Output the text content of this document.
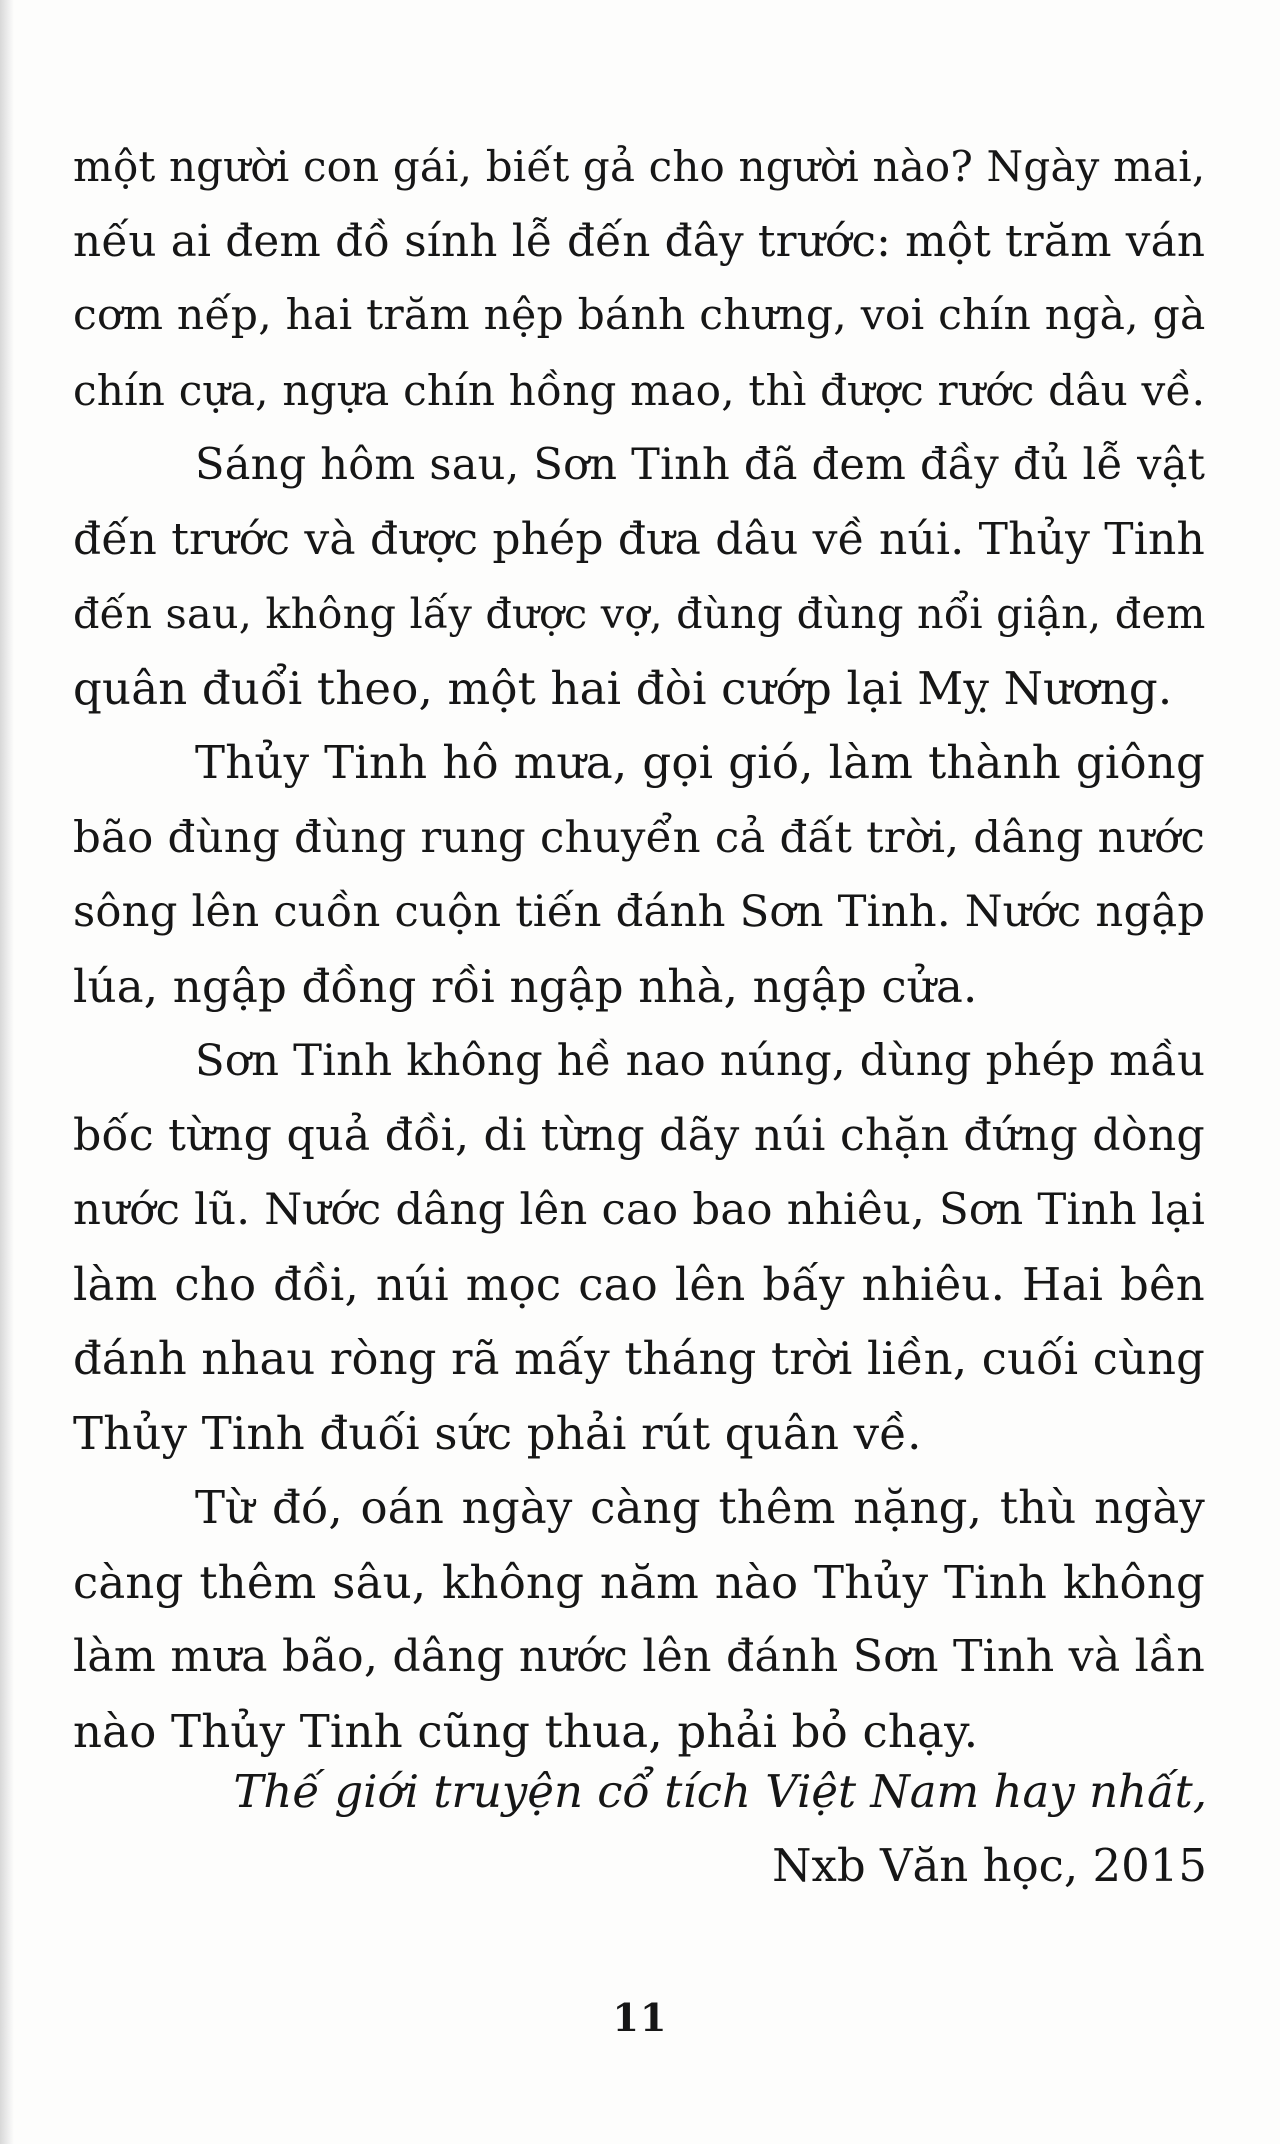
một người con gái, biết gả cho người nào? Ngày mai,
nếu ai đem đồ sính lễ đến đây trước: một trăm ván
cơm nếp, hai trăm nệp bánh chưng, voi chín ngà, gà
chín cựa, ngựa chín hồng mao, thì được rước dâu về.

Sáng hôm sau, Sơn Tinh đã đem đầy đủ lễ vật
đến trước và được phép đưa dâu về núi. Thủy Tinh
đến sau, không lấy được vợ, đùng đùng nổi giận, đem
quân đuổi theo, một hai đòi cướp lại Mỵ Nương.

Thủy Tinh hô mưa, gọi gió, làm thành giông
bão đùng đùng rung chuyển cả đất trời, dâng nước
sông lên cuồn cuộn tiến đánh Sơn Tinh. Nước ngập
lúa, ngập đồng rồi ngập nhà, ngập cửa.

Sơn Tinh không hề nao núng, dùng phép mầu
bốc từng quả đồi, di từng dãy núi chặn đứng dòng
nước lũ. Nước dâng lên cao bao nhiêu, Sơn Tinh lại
làm cho đồi, núi mọc cao lên bấy nhiêu. Hai bên
đánh nhau ròng rã mấy tháng trời liền, cuối cùng
Thủy Tinh đuối sức phải rút quân về.

Từ đó, oán ngày càng thêm nặng, thù ngày
càng thêm sâu, không năm nào Thủy Tinh không
làm mưa bão, dâng nước lên đánh Sơn Tinh và lần
nào Thủy Tinh cũng thua, phải bỏ chạy.

Thế giới truyện cổ tích Việt Nam hay nhất,
Nxb Văn học, 2015
11
